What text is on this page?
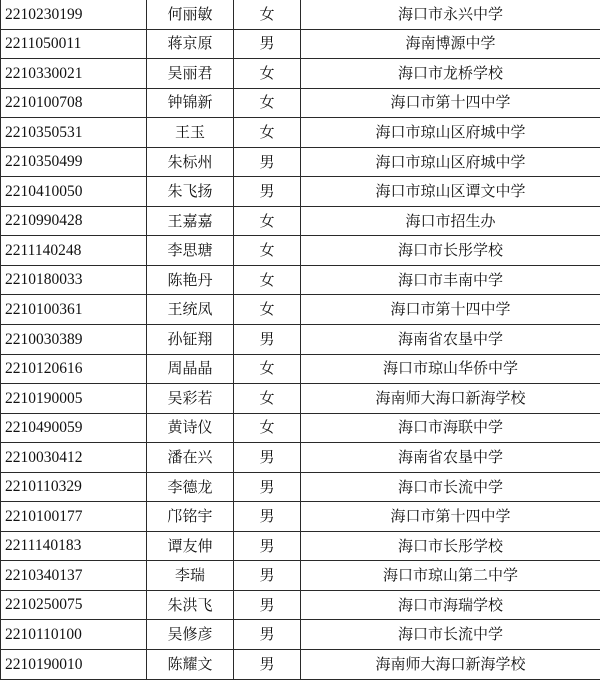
2210230199	何丽敏	女	海口市永兴中学
2211050011	蒋京原	男	海南博源中学
2210330021	吴丽君	女	海口市龙桥学校
2210100708	钟锦新	女	海口市第十四中学
2210350531	王玉	女	海口市琼山区府城中学
2210350499	朱标州	男	海口市琼山区府城中学
2210410050	朱飞扬	男	海口市琼山区谭文中学
2210990428	王嘉嘉	女	海口市招生办
2211140248	李思瑭	女	海口市长彤学校
2210180033	陈艳丹	女	海口市丰南中学
2210100361	王统凤	女	海口市第十四中学
2210030389	孙钲翔	男	海南省农垦中学
2210120616	周晶晶	女	海口市琼山华侨中学
2210190005	吴彩若	女	海南师大海口新海学校
2210490059	黄诗仪	女	海口市海联中学
2210030412	潘在兴	男	海南省农垦中学
2210110329	李德龙	男	海口市长流中学
2210100177	邝铭宇	男	海口市第十四中学
2211140183	谭友伸	男	海口市长彤学校
2210340137	李瑞	男	海口市琼山第二中学
2210250075	朱洪飞	男	海口市海瑞学校
2210110100	吴修彦	男	海口市长流中学
2210190010	陈耀文	男	海南师大海口新海学校
